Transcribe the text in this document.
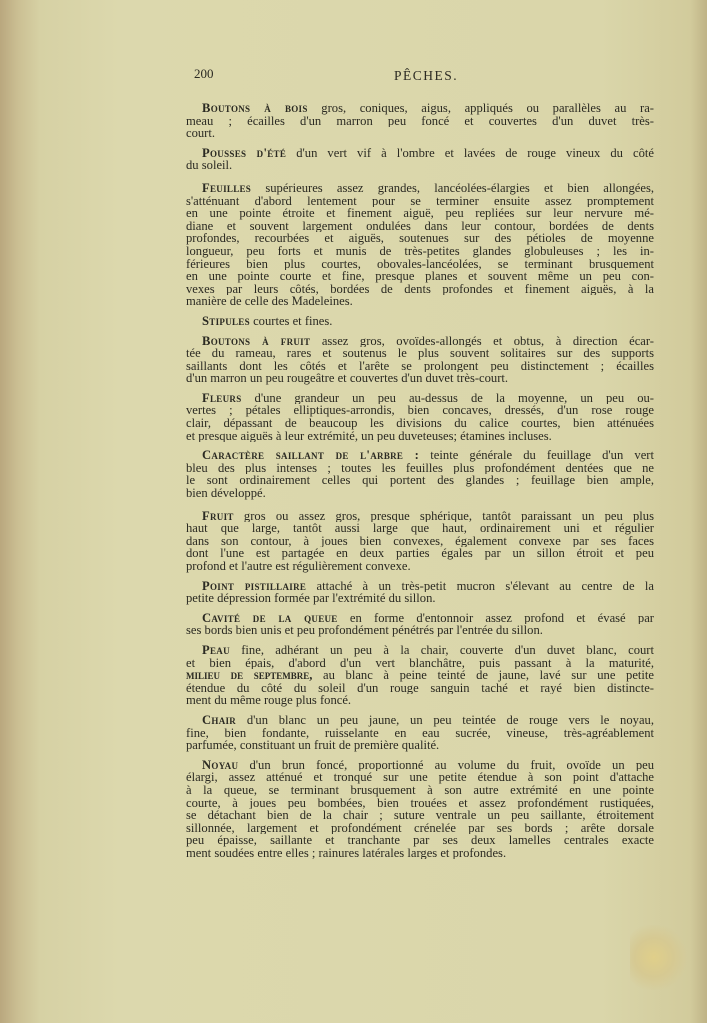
200	PÊCHES.
Boutons à bois gros, coniques, aigus, appliqués ou parallèles au ra-
meau ; écailles d'un marron peu foncé et couvertes d'un duvet très-
court.
Pousses d'été d'un vert vif à l'ombre et lavées de rouge vineux du côté
du soleil.
Feuilles supérieures assez grandes, lancéolées-élargies et bien allongées,
s'atténuant d'abord lentement pour se terminer ensuite assez promptement
en une pointe étroite et finement aiguë, peu repliées sur leur nervure mé-
diane et souvent largement ondulées dans leur contour, bordées de dents
profondes, recourbées et aiguës, soutenues sur des pétioles de moyenne
longueur, peu forts et munis de très-petites glandes globuleuses ; les in-
férieures bien plus courtes, obovales-lancéolées, se terminant brusquement
en une pointe courte et fine, presque planes et souvent même un peu con-
vexes par leurs côtés, bordées de dents profondes et finement aiguës, à la
manière de celle des Madeleines.
Stipules courtes et fines.
Boutons à fruit assez gros, ovoïdes-allongés et obtus, à direction écar-
tée du rameau, rares et soutenus le plus souvent solitaires sur des supports
saillants dont les côtés et l'arête se prolongent peu distinctement ; écailles
d'un marron un peu rougeâtre et couvertes d'un duvet très-court.
Fleurs d'une grandeur un peu au-dessus de la moyenne, un peu ou-
vertes ; pétales elliptiques-arrondis, bien concaves, dressés, d'un rose rouge
clair, dépassant de beaucoup les divisions du calice courtes, bien atténuées
et presque aiguës à leur extrémité, un peu duveteuses; étamines incluses.
Caractère saillant de l'arbre : teinte générale du feuillage d'un vert
bleu des plus intenses ; toutes les feuilles plus profondément dentées que ne
le sont ordinairement celles qui portent des glandes ; feuillage bien ample,
bien développé.
Fruit gros ou assez gros, presque sphérique, tantôt paraissant un peu plus
haut que large, tantôt aussi large que haut, ordinairement uni et régulier
dans son contour, à joues bien convexes, également convexe par ses faces
dont l'une est partagée en deux parties égales par un sillon étroit et peu
profond et l'autre est régulièrement convexe.
Point pistillaire attaché à un très-petit mucron s'élevant au centre de la
petite dépression formée par l'extrémité du sillon.
Cavité de la queue en forme d'entonnoir assez profond et évasé par
ses bords bien unis et peu profondément pénétrés par l'entrée du sillon.
Peau fine, adhérant un peu à la chair, couverte d'un duvet blanc, court
et bien épais, d'abord d'un vert blanchâtre, puis passant à la maturité,
milieu de septembre, au blanc à peine teinté de jaune, lavé sur une petite
étendue du côté du soleil d'un rouge sanguin taché et rayé bien distincte-
ment du même rouge plus foncé.
Chair d'un blanc un peu jaune, un peu teintée de rouge vers le noyau,
fine, bien fondante, ruisselante en eau sucrée, vineuse, très-agréablement
parfumée, constituant un fruit de première qualité.
Noyau d'un brun foncé, proportionné au volume du fruit, ovoïde un peu
élargi, assez atténué et tronqué sur une petite étendue à son point d'attache
à la queue, se terminant brusquement à son autre extrémité en une pointe
courte, à joues peu bombées, bien trouées et assez profondément rustiquées,
se détachant bien de la chair ; suture ventrale un peu saillante, étroitement
sillonnée, largement et profondément crénelée par ses bords ; arête dorsale
peu épaisse, saillante et tranchante par ses deux lamelles centrales exacte
ment soudées entre elles ; rainures latérales larges et profondes.
